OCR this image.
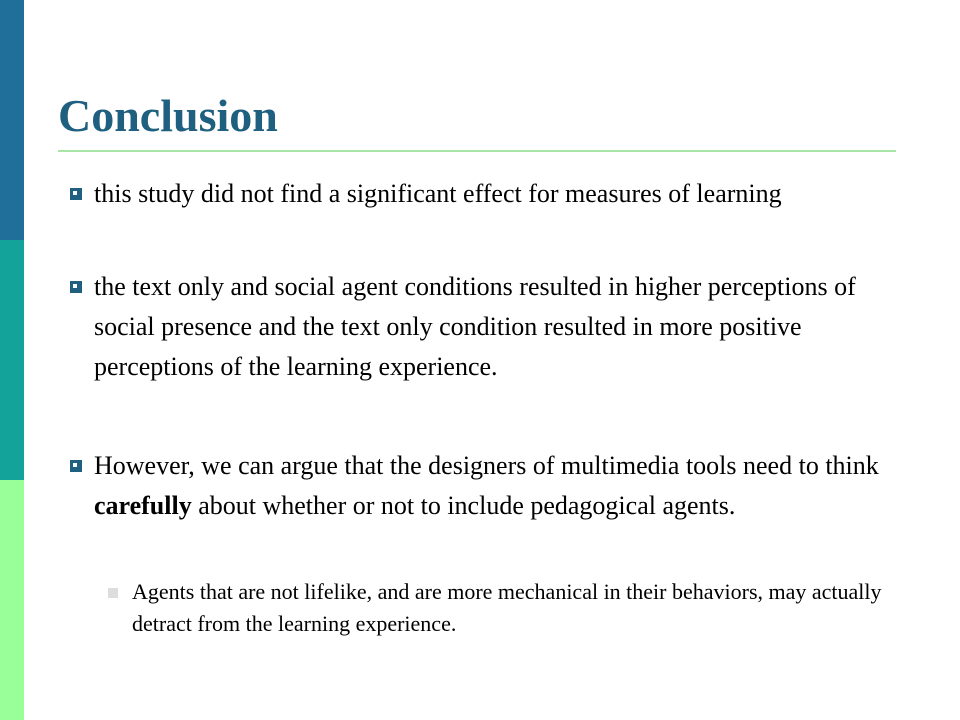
Conclusion
this study did not find a significant effect for measures of learning
the text only and social agent conditions resulted in higher perceptions of social presence and the text only condition resulted in more positive perceptions of the learning experience.
However, we can argue that the designers of multimedia tools need to think carefully about whether or not to include pedagogical agents.
Agents that are not lifelike, and are more mechanical in their behaviors, may actually detract from the learning experience.
